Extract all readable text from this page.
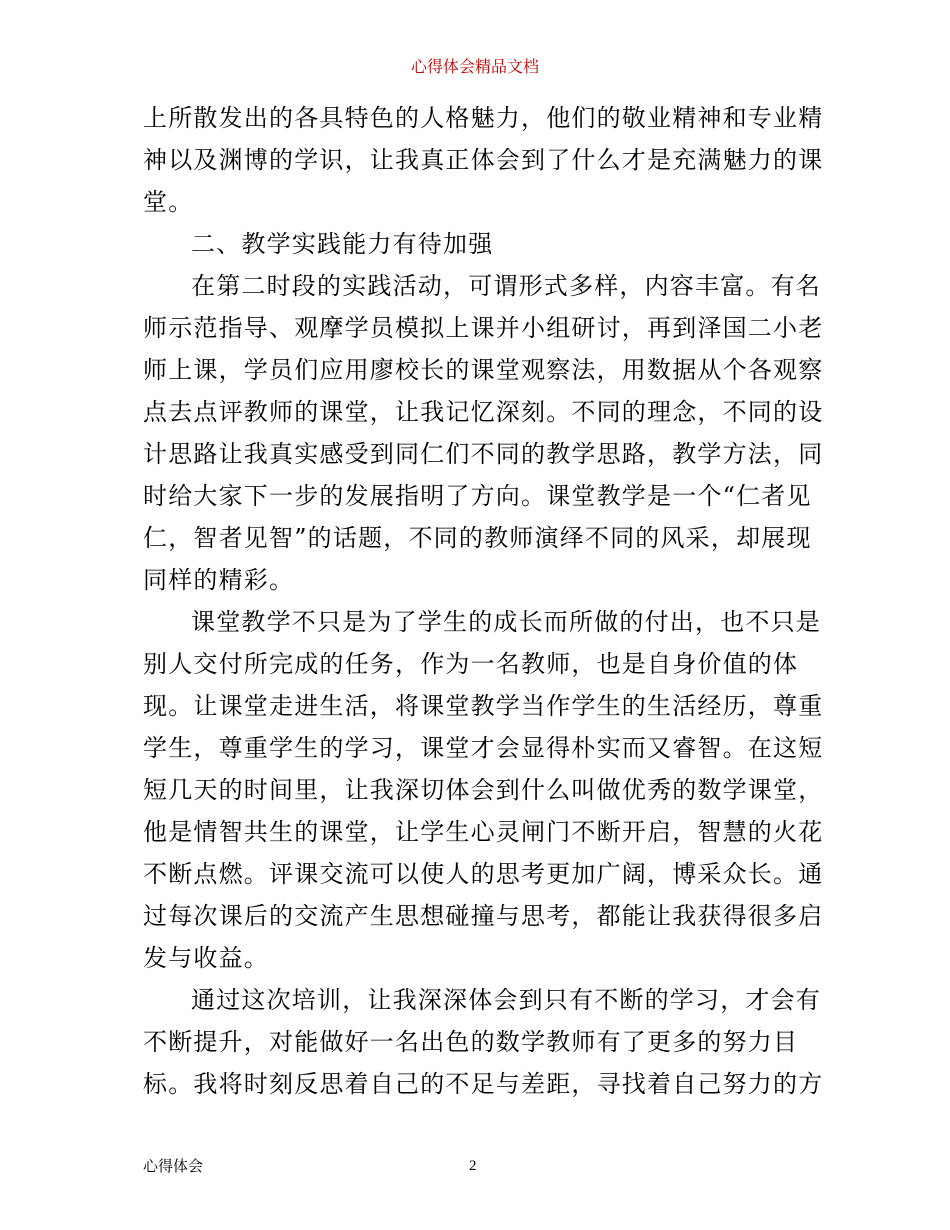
心得体会精品文档
上所散发出的各具特色的人格魅力，他们的敬业精神和专业精
神以及渊博的学识，让我真正体会到了什么才是充满魅力的课
堂。
二、教学实践能力有待加强
在第二时段的实践活动，可谓形式多样，内容丰富。有名
师示范指导、观摩学员模拟上课并小组研讨，再到泽国二小老
师上课，学员们应用廖校长的课堂观察法，用数据从个各观察
点去点评教师的课堂，让我记忆深刻。不同的理念，不同的设
计思路让我真实感受到同仁们不同的教学思路，教学方法，同
时给大家下一步的发展指明了方向。课堂教学是一个“仁者见
仁，智者见智”的话题，不同的教师演绎不同的风采，却展现
同样的精彩。
课堂教学不只是为了学生的成长而所做的付出，也不只是
别人交付所完成的任务，作为一名教师，也是自身价值的体
现。让课堂走进生活，将课堂教学当作学生的生活经历，尊重
学生，尊重学生的学习，课堂才会显得朴实而又睿智。在这短
短几天的时间里，让我深切体会到什么叫做优秀的数学课堂，
他是情智共生的课堂，让学生心灵闸门不断开启，智慧的火花
不断点燃。评课交流可以使人的思考更加广阔，博采众长。通
过每次课后的交流产生思想碰撞与思考，都能让我获得很多启
发与收益。
通过这次培训，让我深深体会到只有不断的学习，才会有
不断提升，对能做好一名出色的数学教师有了更多的努力目
标。我将时刻反思着自己的不足与差距，寻找着自己努力的方
心得体会	2
